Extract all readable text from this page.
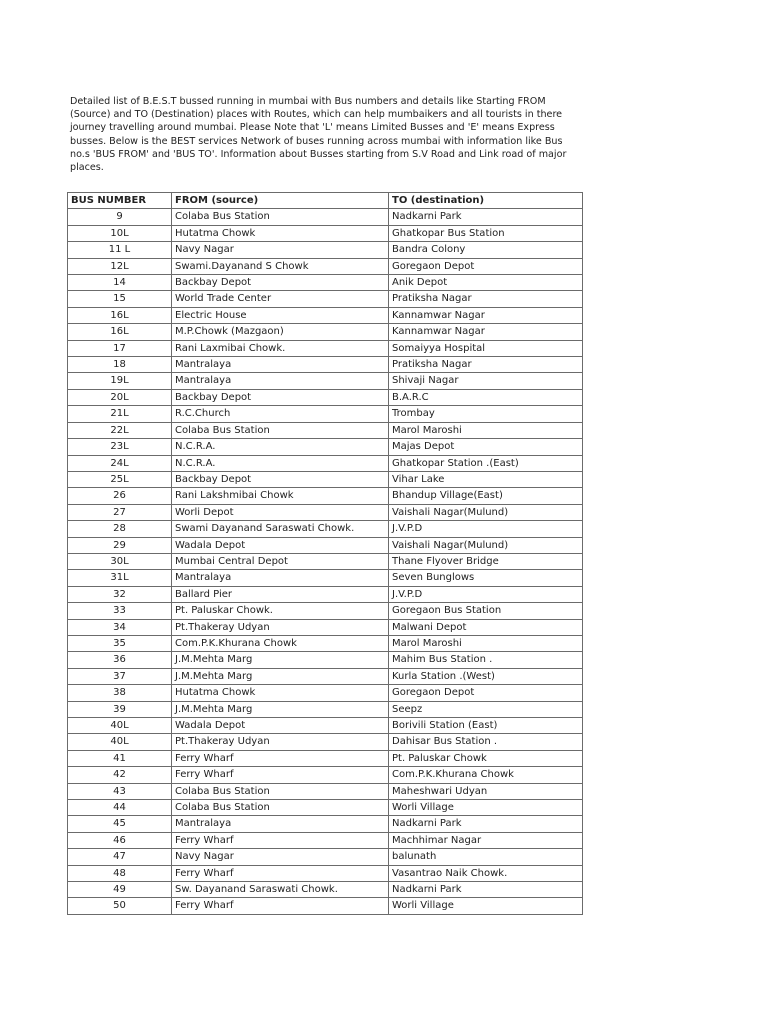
Detailed list of B.E.S.T bussed running in mumbai with Bus numbers and details like Starting FROM (Source) and TO (Destination) places with Routes, which can help mumbaikers and all tourists in there journey travelling around mumbai. Please Note that 'L' means Limited Busses and 'E' means Express busses. Below is the BEST services Network of buses running across mumbai with information like Bus no.s 'BUS FROM' and 'BUS TO'. Information about Busses starting from S.V Road and Link road of major places.

BUS NUMBER	FROM (source)	TO (destination)
9	Colaba Bus Station	Nadkarni Park
10L	Hutatma Chowk	Ghatkopar Bus Station
11 L	Navy Nagar	Bandra Colony
12L	Swami.Dayanand S Chowk	Goregaon Depot
14	Backbay Depot	Anik Depot
15	World Trade Center	Pratiksha Nagar
16L	Electric House	Kannamwar Nagar
16L	M.P.Chowk (Mazgaon)	Kannamwar Nagar
17	Rani Laxmibai Chowk.	Somaiyya Hospital
18	Mantralaya	Pratiksha Nagar
19L	Mantralaya	Shivaji Nagar
20L	Backbay Depot	B.A.R.C
21L	R.C.Church	Trombay
22L	Colaba Bus Station	Marol Maroshi
23L	N.C.R.A.	Majas Depot
24L	N.C.R.A.	Ghatkopar Station .(East)
25L	Backbay Depot	Vihar Lake
26	Rani Lakshmibai Chowk	Bhandup Village(East)
27	Worli Depot	Vaishali Nagar(Mulund)
28	Swami Dayanand Saraswati Chowk.	J.V.P.D
29	Wadala Depot	Vaishali Nagar(Mulund)
30L	Mumbai Central Depot	Thane Flyover Bridge
31L	Mantralaya	Seven Bunglows
32	Ballard Pier	J.V.P.D
33	Pt. Paluskar Chowk.	Goregaon Bus Station
34	Pt.Thakeray Udyan	Malwani Depot
35	Com.P.K.Khurana Chowk	Marol Maroshi
36	J.M.Mehta Marg	Mahim Bus Station .
37	J.M.Mehta Marg	Kurla Station .(West)
38	Hutatma Chowk	Goregaon Depot
39	J.M.Mehta Marg	Seepz
40L	Wadala Depot	Borivili Station (East)
40L	Pt.Thakeray Udyan	Dahisar Bus Station .
41	Ferry Wharf	Pt. Paluskar Chowk
42	Ferry Wharf	Com.P.K.Khurana Chowk
43	Colaba Bus Station	Maheshwari Udyan
44	Colaba Bus Station	Worli Village
45	Mantralaya	Nadkarni Park
46	Ferry Wharf	Machhimar Nagar
47	Navy Nagar	balunath
48	Ferry Wharf	Vasantrao Naik Chowk.
49	Sw. Dayanand Saraswati Chowk.	Nadkarni Park
50	Ferry Wharf	Worli Village
